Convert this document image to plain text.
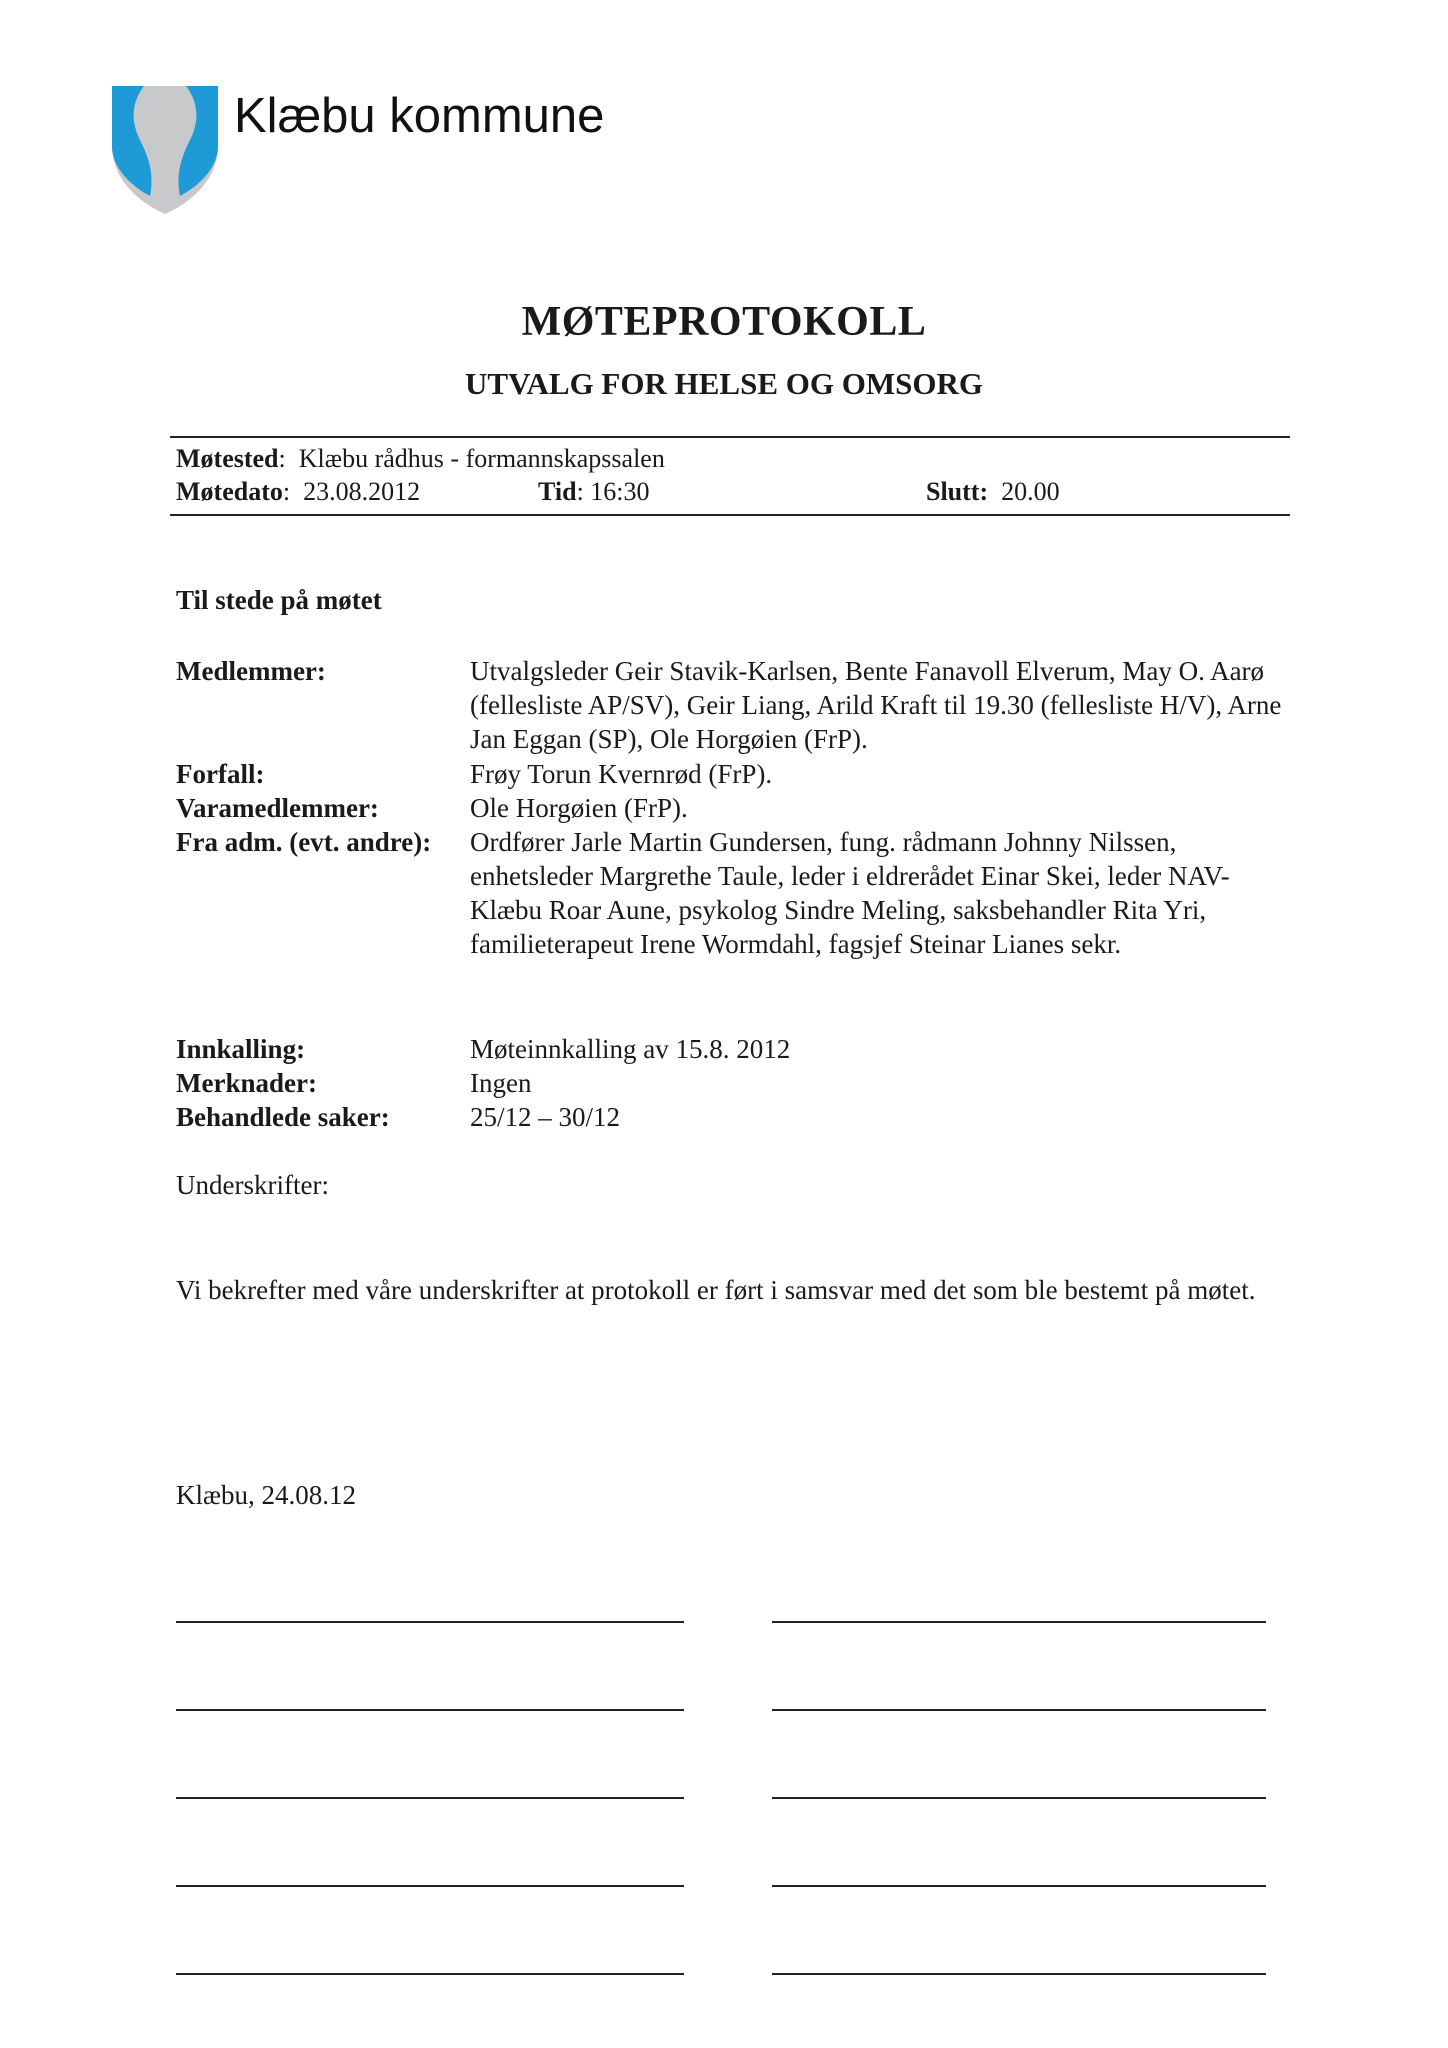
Klæbu kommune
MØTEPROTOKOLL
UTVALG FOR HELSE OG OMSORG
Møtested:  Klæbu rådhus - formannskapssalen
Møtedato:  23.08.2012	Tid: 16:30	Slutt: 20.00
Til stede på møtet
Medlemmer:	Utvalgsleder Geir Stavik-Karlsen, Bente Fanavoll Elverum, May O. Aarø (fellesliste AP/SV), Geir Liang, Arild Kraft til 19.30 (fellesliste H/V), Arne Jan Eggan (SP), Ole Horgøien (FrP).
Forfall:	Frøy Torun Kvernrød (FrP).
Varamedlemmer:	Ole Horgøien (FrP).
Fra adm. (evt. andre): Ordfører Jarle Martin Gundersen, fung. rådmann Johnny Nilssen, enhetsleder Margrethe Taule, leder i eldrerådet Einar Skei, leder NAV-Klæbu Roar Aune, psykolog Sindre Meling, saksbehandler Rita Yri, familieterapeut Irene Wormdahl, fagsjef Steinar Lianes sekr.
Innkalling:	Møteinnkalling av 15.8. 2012
Merknader:	Ingen
Behandlede saker:	25/12 – 30/12
Underskrifter:
Vi bekrefter med våre underskrifter at protokoll er ført i samsvar med det som ble bestemt på møtet.
Klæbu, 24.08.12
